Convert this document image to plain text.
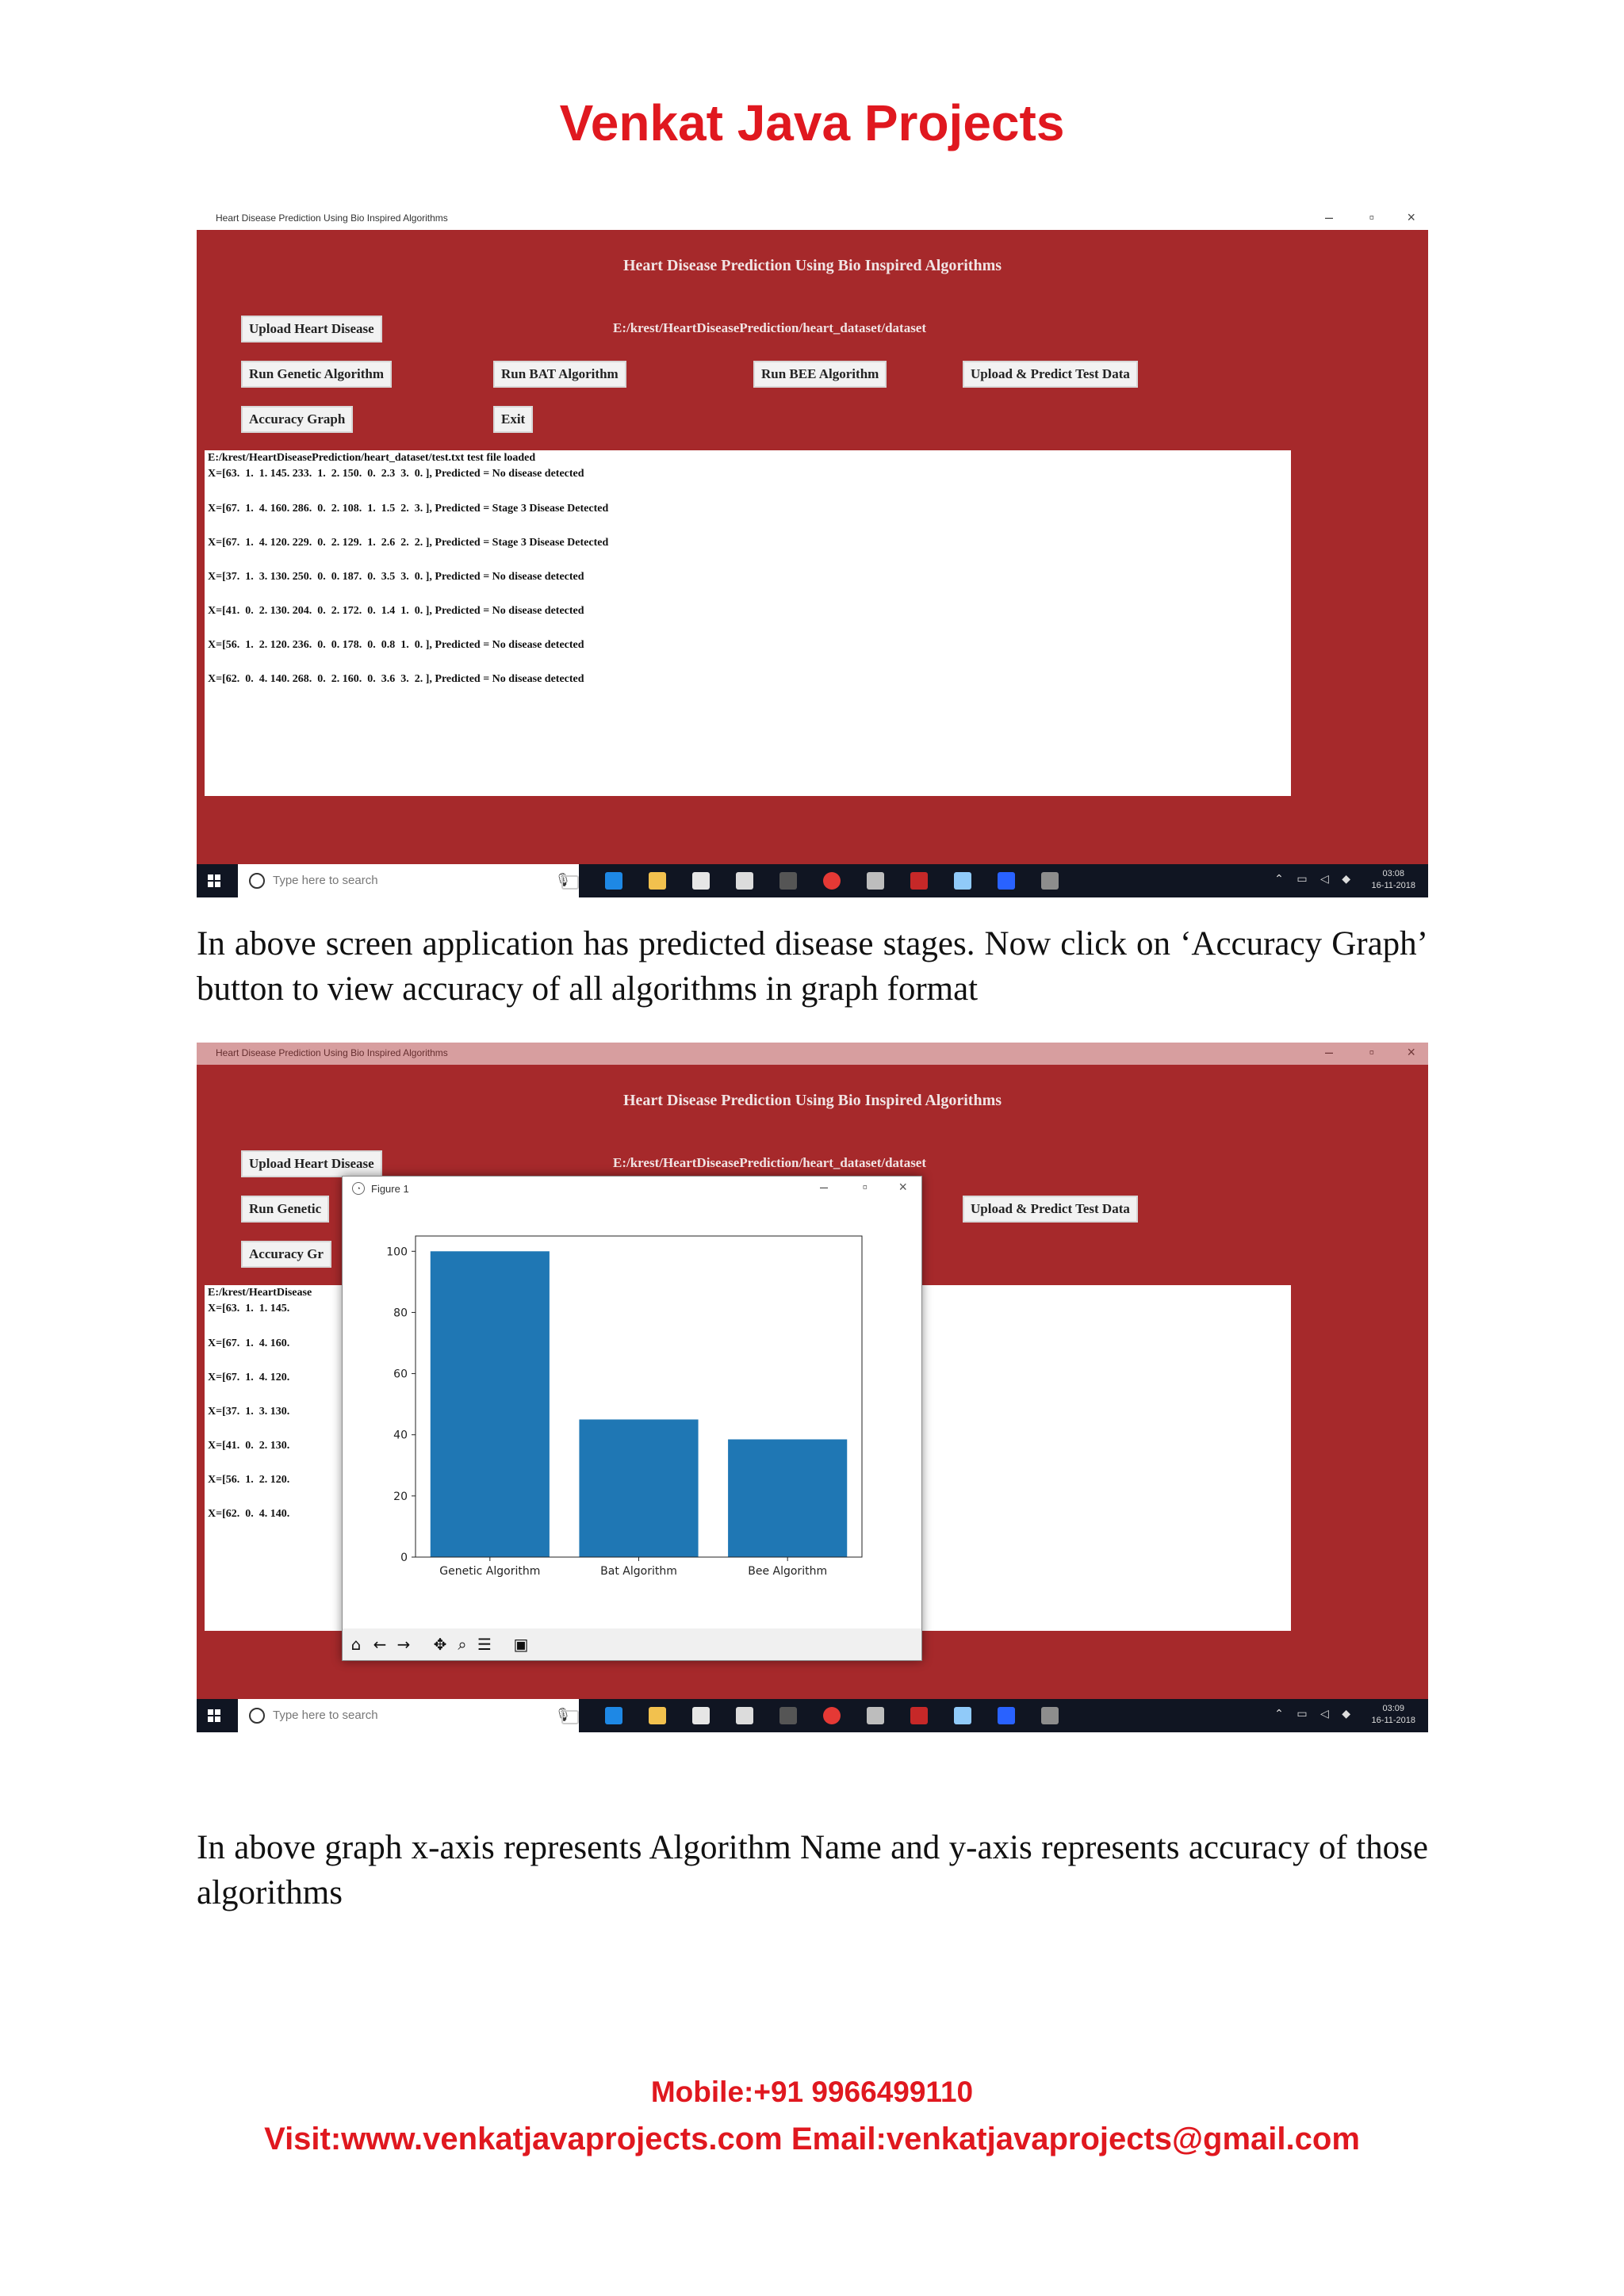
Venkat Java Projects
Heart Disease Prediction Using Bio Inspired Algorithms	–	▫ ×
Heart Disease Prediction Using Bio Inspired Algorithms
E:/krest/HeartDiseasePrediction/heart_dataset/dataset
Upload Heart Disease
Run Genetic Algorithm	Run BAT Algorithm	Run BEE Algorithm	Upload & Predict Test Data
Accuracy Graph	Exit
E:/krest/HeartDiseasePrediction/heart_dataset/test.txt test file loaded
X=[63.  1.  1. 145. 233.  1.  2. 150.  0.  2.3  3.  0. ], Predicted = No disease detected
X=[67.  1.  4. 160. 286.  0.  2. 108.  1.  1.5  2.  3. ], Predicted = Stage 3 Disease Detected
X=[67.  1.  4. 120. 229.  0.  2. 129.  1.  2.6  2.  2. ], Predicted = Stage 3 Disease Detected
X=[37.  1.  3. 130. 250.  0.  0. 187.  0.  3.5  3.  0. ], Predicted = No disease detected
X=[41.  0.  2. 130. 204.  0.  2. 172.  0.  1.4  1.  0. ], Predicted = No disease detected
X=[56.  1.  2. 120. 236.  0.  0. 178.  0.  0.8  1.  0. ], Predicted = No disease detected
X=[62.  0.  4. 140. 268.  0.  2. 160.  0.  3.6  3.  2. ], Predicted = No disease detected
Type here to search	🎙	⌃ ▭ ◁ ◆	03:08
16-11-2018
In above screen application has predicted disease stages. Now click on ‘Accuracy Graph’ button to view accuracy of all algorithms in graph format
Heart Disease Prediction Using Bio Inspired Algorithms	–	▫ ×
Heart Disease Prediction Using Bio Inspired Algorithms
E:/krest/HeartDiseasePrediction/heart_dataset/dataset
Upload Heart Disease
Run Genetic
Accuracy Gr
Upload & Predict Test Data
E:/krest/HeartDisease
X=[63.  1.  1. 145.
X=[67.  1.  4. 160.
X=[67.  1.  4. 120.
X=[37.  1.  3. 130.
X=[41.  0.  2. 130.
X=[56.  1.  2. 120.
X=[62.  0.  4. 140.
◔	Figure 1	– ▫ ×
Genetic Algorithm	Bat Algorithm	Bee Algorithm
0
20
40
60
80
100
⌂ ← → ✥ ⌕ ☰ ▣
Type here to search	🎙	⌃ ▭ ◁ ◆	03:09
16-11-2018
In above graph x-axis represents Algorithm Name and y-axis represents accuracy of those algorithms
Mobile:+91 9966499110
Visit:www.venkatjavaprojects.com Email:venkatjavaprojects@gmail.com
